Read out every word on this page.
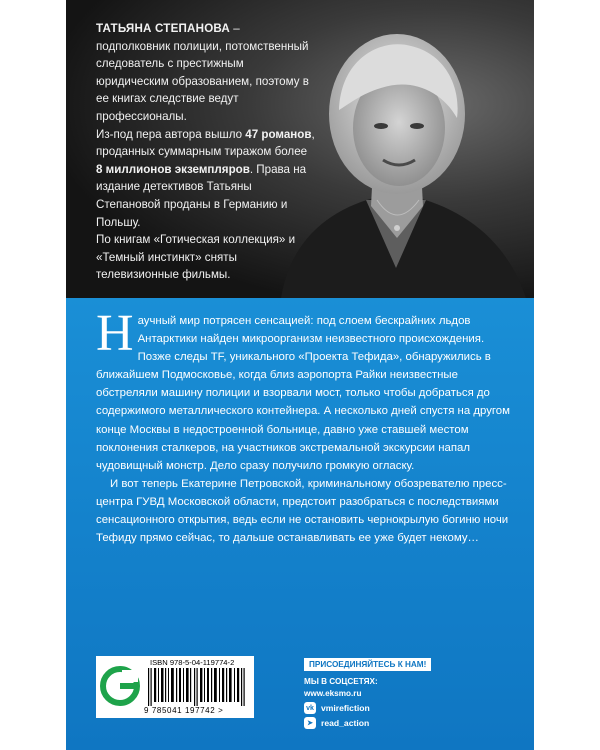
ТАТЬЯНА СТЕПАНОВА – подполковник полиции, потомственный следователь с престижным юридическим образованием, поэтому в ее книгах следствие ведут профессионалы.

Из-под пера автора вышло 47 романов, проданных суммарным тиражом более 8 миллионов экземпляров. Права на издание детективов Татьяны Степановой проданы в Германию и Польшу.

По книгам «Готическая коллекция» и «Темный инстинкт» сняты телевизионные фильмы.

Научный мир потрясен сенсацией: под слоем бескрайних льдов Антарктики найден микроорганизм неизвестного происхождения. Позже следы TF, уникального «Проекта Тефида», обнаружились в ближайшем Подмосковье, когда близ аэропорта Райки неизвестные обстреляли машину полиции и взорвали мост, только чтобы добраться до содержимого металлического контейнера. А несколько дней спустя на другом конце Москвы в недостроенной больнице, давно уже ставшей местом поклонения сталкеров, на участников экстремальной экскурсии напал чудовищный монстр. Дело сразу получило громкую огласку.

И вот теперь Екатерине Петровской, криминальному обозревателю пресс-центра ГУВД Московской области, предстоит разобраться с последствиями сенсационного открытия, ведь если не остановить чернокрылую богиню ночи Тефиду прямо сейчас, то дальше останавливать ее уже будет некому…

ISBN 978-5-04-119774-2
9 785041 197742 >
ПРИСОЕДИНЯЙТЕСЬ К НАМ!
МЫ В СОЦСЕТЯХ:
www.eksmo.ru
vk vmirefiction
➤ read_action
